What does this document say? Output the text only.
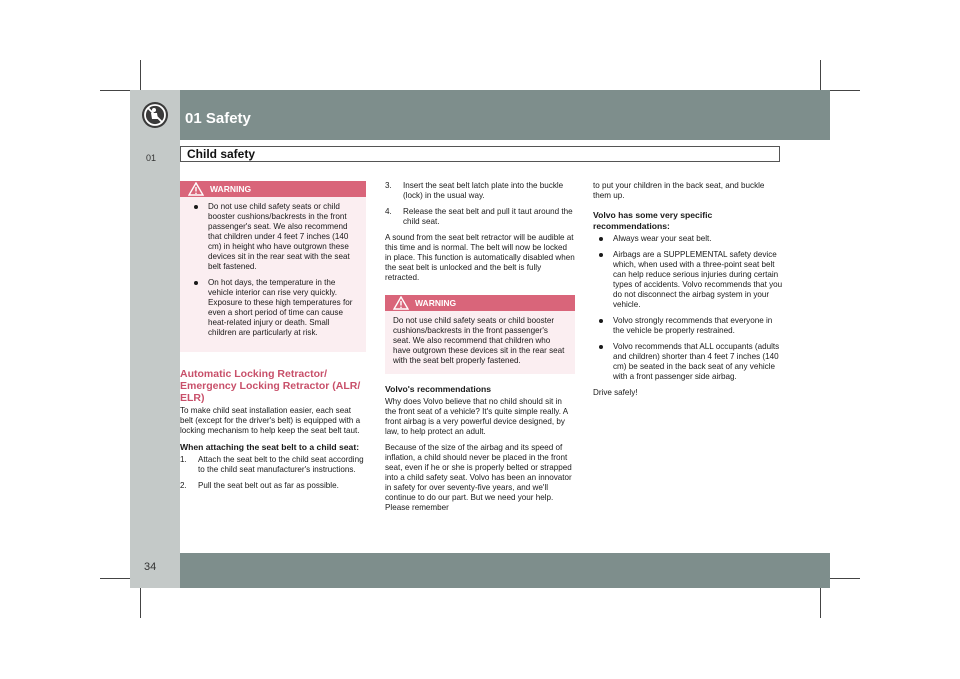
01 Safety
01	Child safety
WARNING
Do not use child safety seats or child booster cushions/backrests in the front passenger's seat. We also recommend that children under 4 feet 7 inches (140 cm) in height who have outgrown these devices sit in the rear seat with the seat belt fastened.
On hot days, the temperature in the vehicle interior can rise very quickly. Exposure to these high temperatures for even a short period of time can cause heat-related injury or death. Small children are particularly at risk.
Automatic Locking Retractor/ Emergency Locking Retractor (ALR/ ELR)

To make child seat installation easier, each seat belt (except for the driver's belt) is equipped with a locking mechanism to help keep the seat belt taut.

When attaching the seat belt to a child seat:
1. Attach the seat belt to the child seat according to the child seat manufacturer's instructions.
2. Pull the seat belt out as far as possible.
3. Insert the seat belt latch plate into the buckle (lock) in the usual way.
4. Release the seat belt and pull it taut around the child seat.

A sound from the seat belt retractor will be audible at this time and is normal. The belt will now be locked in place. This function is automatically disabled when the seat belt is unlocked and the belt is fully retracted.

WARNING
Do not use child safety seats or child booster cushions/backrests in the front passenger's seat. We also recommend that children who have outgrown these devices sit in the rear seat with the seat belt properly fastened.
Volvo's recommendations

Why does Volvo believe that no child should sit in the front seat of a vehicle? It's quite simple really. A front airbag is a very powerful device designed, by law, to help protect an adult.

Because of the size of the airbag and its speed of inflation, a child should never be placed in the front seat, even if he or she is properly belted or strapped into a child safety seat. Volvo has been an innovator in safety for over seventy-five years, and we'll continue to do our part. But we need your help. Please remember

to put your children in the back seat, and buckle them up.

Volvo has some very specific recommendations:
Always wear your seat belt.
Airbags are a SUPPLEMENTAL safety device which, when used with a three-point seat belt can help reduce serious injuries during certain types of accidents. Volvo recommends that you do not disconnect the airbag system in your vehicle.
Volvo strongly recommends that everyone in the vehicle be properly restrained.
Volvo recommends that ALL occupants (adults and children) shorter than 4 feet 7 inches (140 cm) be seated in the back seat of any vehicle with a front passenger side airbag.

Drive safely!

34
